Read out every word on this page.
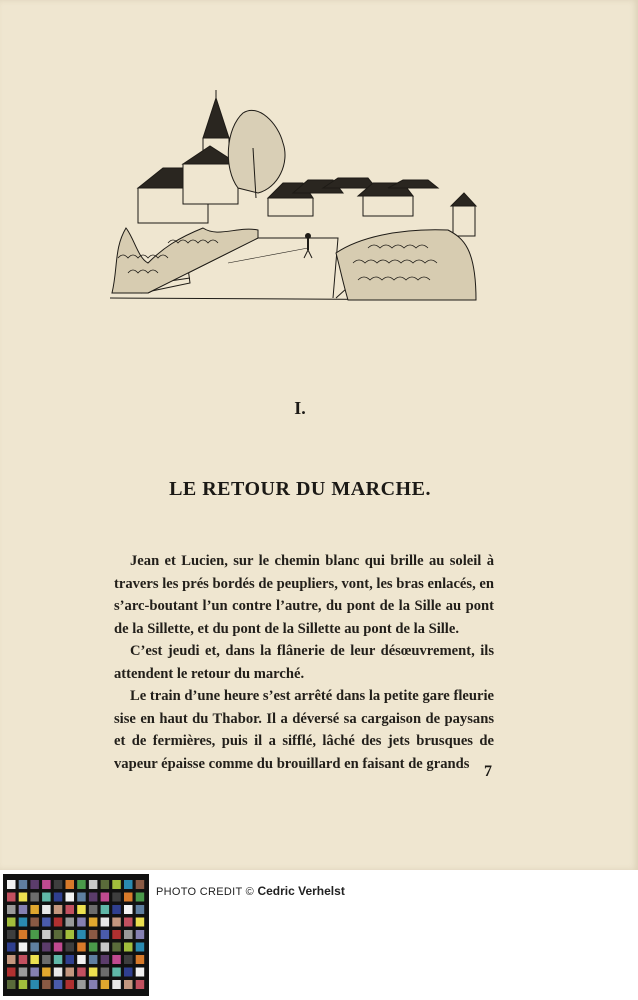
I.
LE RETOUR DU MARCHE.

Jean et Lucien, sur le chemin blanc qui brille au soleil à travers les prés bordés de peupliers, vont, les bras enlacés, en s’arc-boutant l’un contre l’autre, du pont de la Sille au pont de la Sillette, et du pont de la Sillette au pont de la Sille.

C’est jeudi et, dans la flânerie de leur désœuvrement, ils attendent le retour du marché.

Le train d’une heure s’est arrêté dans la petite gare fleurie sise en haut du Thabor. Il a déversé sa cargaison de paysans et de fermières, puis il a sifflé, lâché des jets brusques de vapeur épaisse comme du brouillard en faisant de grands 7
PHOTO CREDIT © Cedric Verhelst
